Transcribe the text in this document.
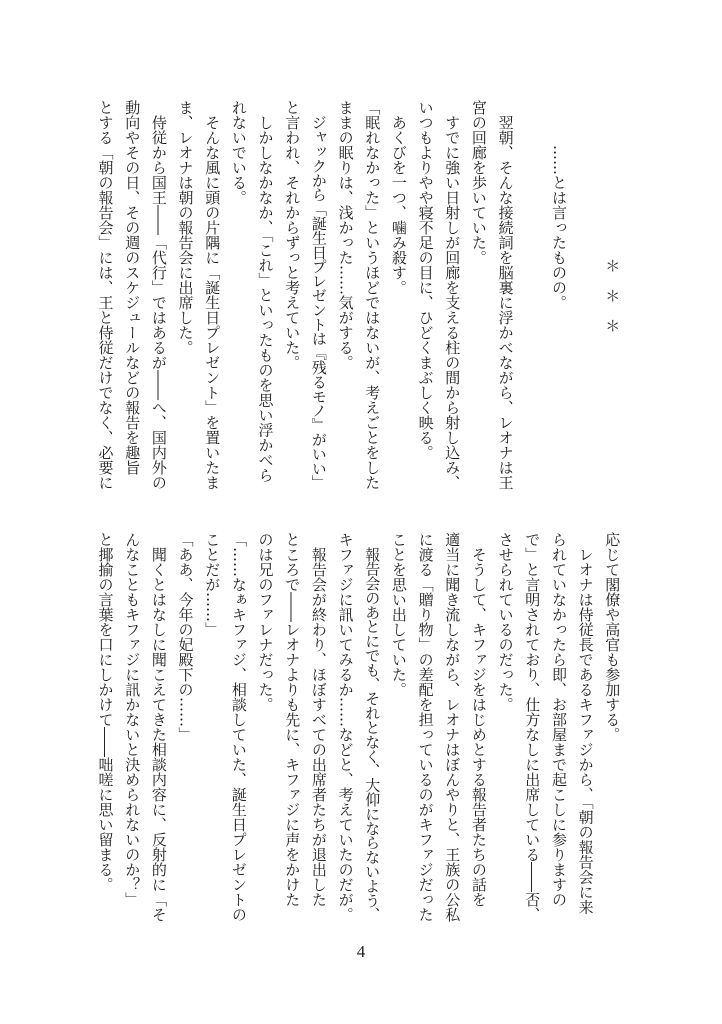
＊＊＊
……とは言ったものの。
翌朝、そんな接続詞を脳裏に浮かべながら、レオナは王
宮の回廊を歩いていた。
すでに強い日射しが回廊を支える柱の間から射し込み、
いつもよりやや寝不足の目に、ひどくまぶしく映る。
あくびを一つ、噛み殺す。
「眠れなかった」というほどではないが、考えごとをした
ままの眠りは、浅かった……気がする。
ジャックから「誕生日プレゼントは『残るモノ』がいい」
と言われ、それからずっと考えていた。
しかしなかなか、「これ」といったものを思い浮かべら
れないでいる。
そんな風に頭の片隅に「誕生日プレゼント」を置いたま
ま、レオナは朝の報告会に出席した。
侍従から国王――「代行」ではあるが――へ、国内外の
動向やその日、その週のスケジュールなどの報告を趣旨
とする「朝の報告会」には、王と侍従だけでなく、必要に
応じて閣僚や高官も参加する。
レオナは侍従長であるキファジから、「朝の報告会に来
られていなかったら即、お部屋まで起こしに参りますの
で」と言明されており、仕方なしに出席している――否、
させられているのだった。
そうして、キファジをはじめとする報告者たちの話を
適当に聞き流しながら、レオナはぼんやりと、王族の公私
に渡る「贈り物」の差配を担っているのがキファジだった
ことを思い出していた。
報告会のあとにでも、それとなく、大仰にならないよう、
キファジに訊いてみるか……などと、考えていたのだが。
報告会が終わり、ほぼすべての出席者たちが退出した
ところで――レオナよりも先に、キファジに声をかけた
のは兄のファレナだった。
「……なぁキファジ、相談していた、誕生日プレゼントの
ことだが……」
「ああ、今年の妃殿下の……」
聞くとはなしに聞こえてきた相談内容に、反射的に「そ
んなこともキファジに訊かないと決められないのか？」
と揶揄の言葉を口にしかけて――咄嗟に思い留まる。
4
